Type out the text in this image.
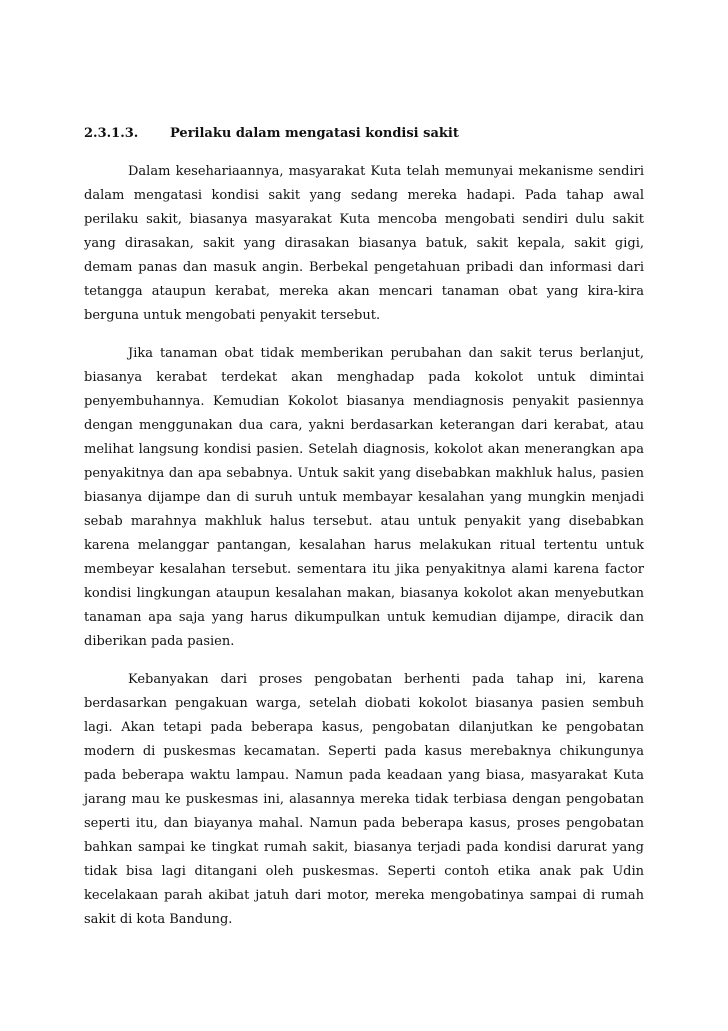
2.3.1.3.	Perilaku dalam mengatasi kondisi sakit

Dalam kesehariaannya, masyarakat Kuta telah memunyai mekanisme sendiri dalam mengatasi kondisi sakit yang sedang mereka hadapi. Pada tahap awal perilaku sakit, biasanya masyarakat Kuta mencoba mengobati sendiri dulu sakit yang dirasakan, sakit yang dirasakan biasanya batuk, sakit kepala, sakit gigi, demam panas dan masuk angin. Berbekal pengetahuan pribadi dan informasi dari tetangga ataupun kerabat, mereka akan mencari tanaman obat yang kira-kira berguna untuk mengobati penyakit tersebut.

Jika tanaman obat tidak memberikan perubahan dan sakit terus berlanjut, biasanya kerabat terdekat akan menghadap pada kokolot untuk dimintai penyembuhannya. Kemudian Kokolot biasanya mendiagnosis penyakit pasiennya dengan menggunakan dua cara, yakni berdasarkan keterangan dari kerabat, atau melihat langsung kondisi pasien. Setelah diagnosis, kokolot akan menerangkan apa penyakitnya dan apa sebabnya. Untuk sakit yang disebabkan makhluk halus, pasien biasanya dijampe dan di suruh untuk membayar kesalahan yang mungkin menjadi sebab marahnya makhluk halus tersebut. atau untuk penyakit yang disebabkan karena melanggar pantangan, kesalahan harus melakukan ritual tertentu untuk membeyar kesalahan tersebut. sementara itu jika penyakitnya alami karena factor kondisi lingkungan ataupun kesalahan makan, biasanya kokolot akan menyebutkan tanaman apa saja yang harus dikumpulkan untuk kemudian dijampe, diracik dan diberikan pada pasien.

Kebanyakan dari proses pengobatan berhenti pada tahap ini, karena berdasarkan pengakuan warga, setelah diobati kokolot biasanya pasien sembuh lagi. Akan tetapi pada beberapa kasus, pengobatan dilanjutkan ke pengobatan modern di puskesmas kecamatan. Seperti pada kasus merebaknya chikungunya pada beberapa waktu lampau. Namun pada keadaan yang biasa, masyarakat Kuta jarang mau ke puskesmas ini, alasannya mereka tidak terbiasa dengan pengobatan seperti itu, dan biayanya mahal. Namun pada beberapa kasus, proses pengobatan bahkan sampai ke tingkat rumah sakit, biasanya terjadi pada kondisi darurat yang tidak bisa lagi ditangani oleh puskesmas. Seperti contoh etika anak pak Udin kecelakaan parah akibat jatuh dari motor, mereka mengobatinya sampai di rumah sakit di kota Bandung.
